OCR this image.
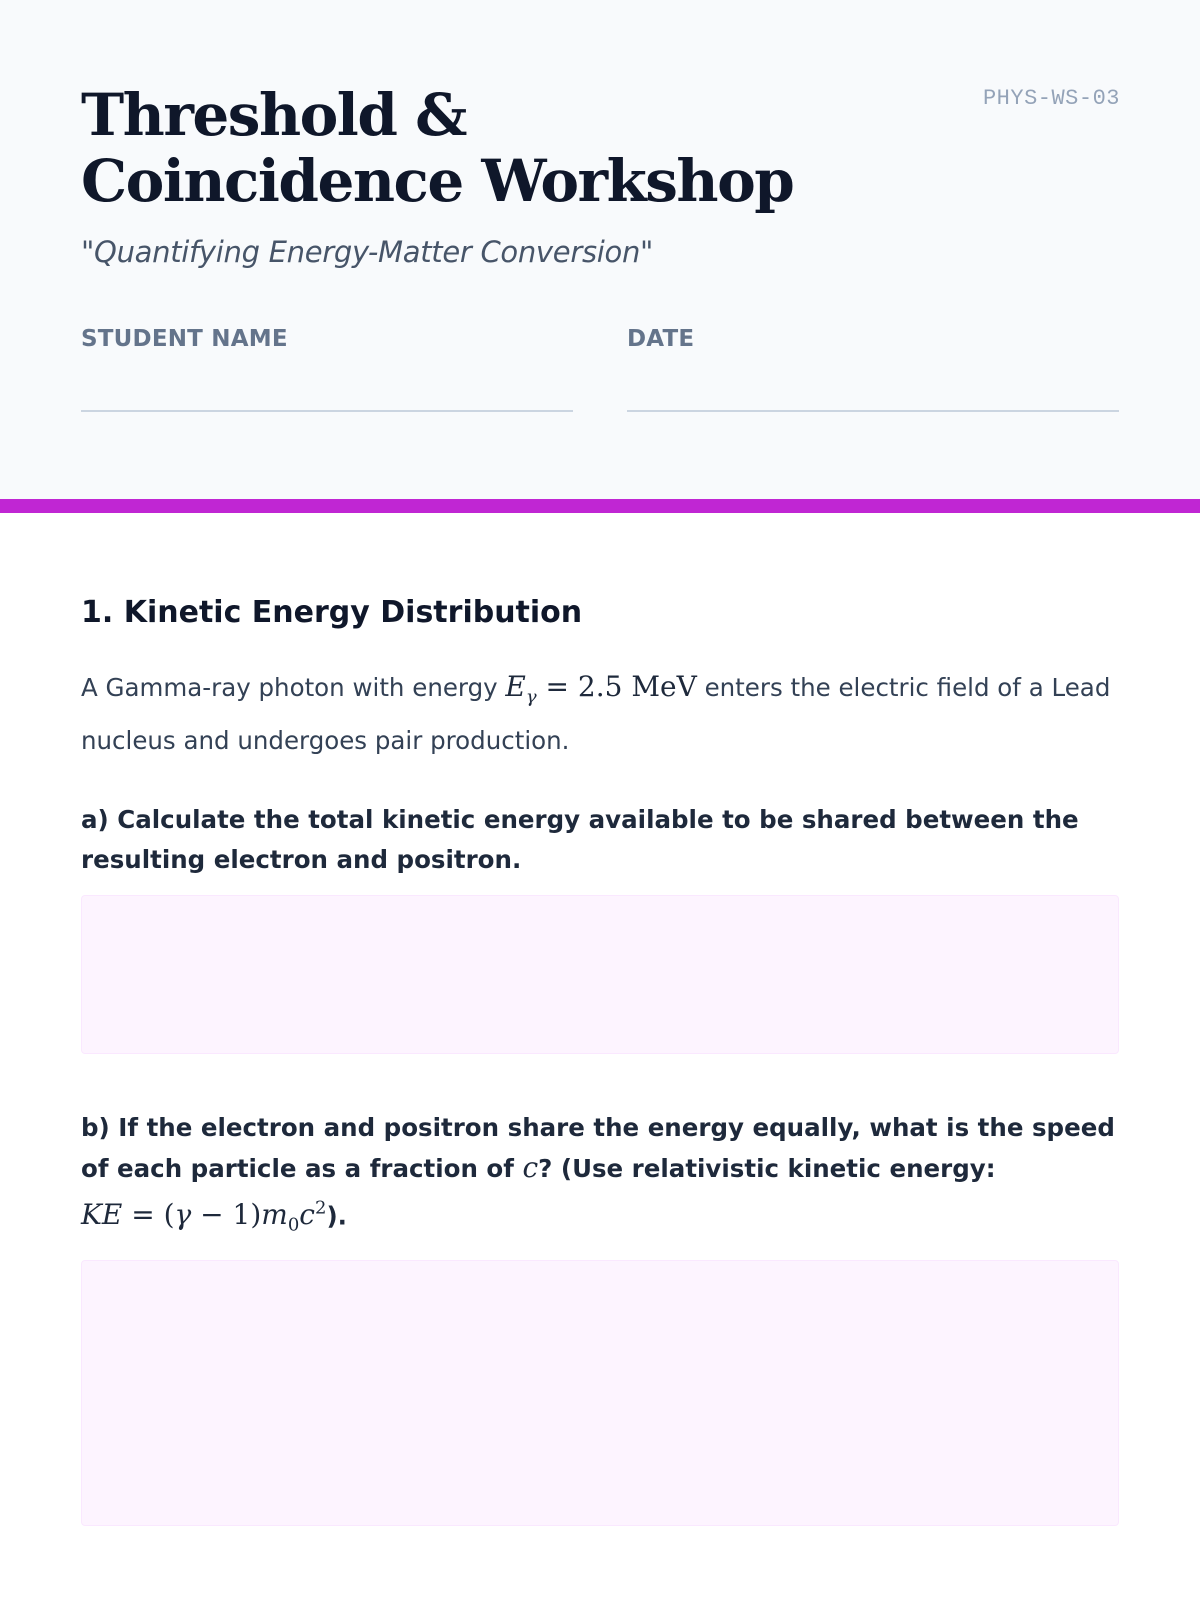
PHYS-WS-03
Threshold & Coincidence Workshop

"Quantifying Energy-Matter Conversion"

STUDENT NAME	DATE
1. Kinetic Energy Distribution

A Gamma-ray photon with energy $E_\gamma = 2.5$ MeV enters the electric field of a Lead nucleus and undergoes pair production.

a) Calculate the total kinetic energy available to be shared between the resulting electron and positron.

b) If the electron and positron share the energy equally, what is the speed of each particle as a fraction of c? (Use relativistic kinetic energy:
KE = $(\gamma - 1)m_0c^2$).
